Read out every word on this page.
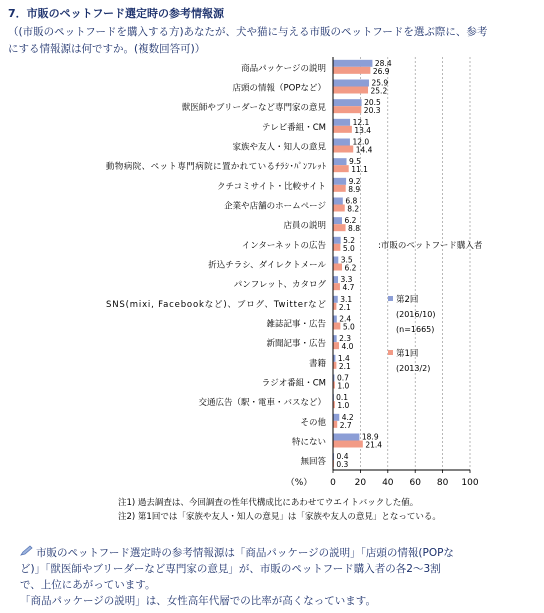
7．市販のペットフード選定時の参考情報源
（(市販のペットフードを購入する方)あなたが、犬や猫に与える市販のペットフードを選ぶ際に、参考
にする情報源は何ですか。(複数回答可)）
0 20 40 60 80 100
（%）
商品パッケージの説明
28.4
26.9
店頭の情報（POPなど）
25.9
25.2
獣医師やブリーダーなど専門家の意見
20.5
20.3
テレビ番組・CM
12.1
13.4
家族や友人・知人の意見
12.0
14.4
動物病院、ペット専門病院に置かれているﾁﾗｼ･ﾊﾟﾝﾌﾚｯﾄ
9.5
11.1
クチコミサイト・比較サイト
9.2
8.9
企業や店舗のホームページ
6.8
8.2
店員の説明
6.2
8.8
インターネットの広告
5.2
5.0
折込チラシ、ダイレクトメール
3.5
6.2
パンフレット、カタログ
3.3
4.7
SNS(mixi, Facebookなど)、ブログ、Twitterなど
3.1
2.1
雑誌記事・広告
2.4
5.0
新聞記事・広告
2.3
4.0
書籍
1.4
2.1
ラジオ番組・CM
0.7
1.0
交通広告（駅・電車・バスなど）
0.1
1.0
その他
4.2
2.7
特にない
18.9
21.4
無回答
0.4
0.3
:市販のペットフード購入者
第2回
(2016/10)
(n=1665)
第1回
(2013/2)
注1) 過去調査は、今回調査の性年代構成比にあわせてウエイトバックした値。
注2) 第1回では「家族や友人・知人の意見」は「家族や友人の意見」となっている。
市販のペットフード選定時の参考情報源は「商品パッケージの説明」「店頭の情報(POPな
ど)」「獣医師やブリーダーなど専門家の意見」が、市販のペットフード購入者の各2～3割
で、上位にあがっています。
「商品パッケージの説明」は、女性高年代層での比率が高くなっています。
